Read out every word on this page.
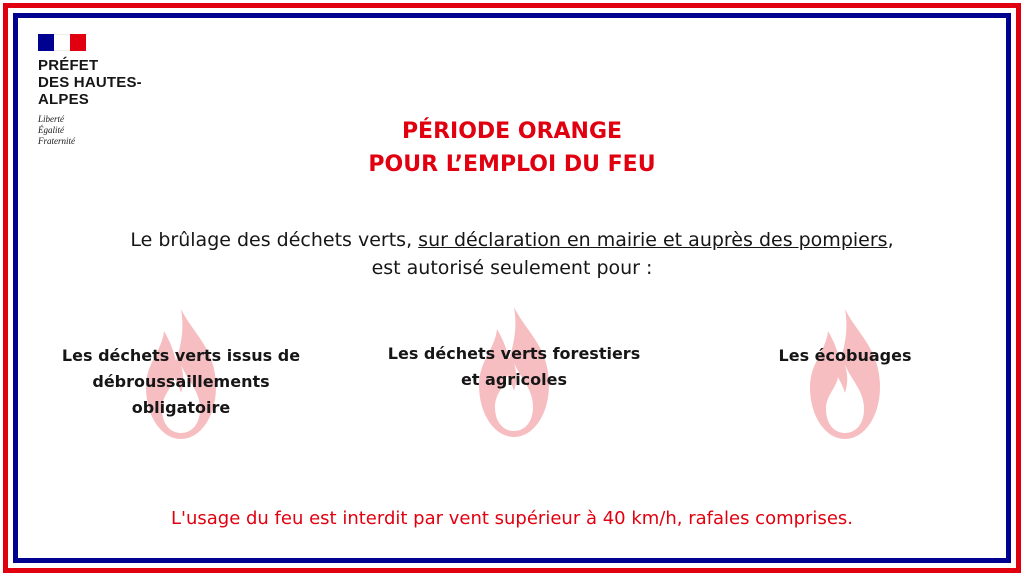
PRÉFET
DES HAUTES-
ALPES
Liberté
Égalité
Fraternité	PÉRIODE ORANGE
POUR L’EMPLOI DU FEU
Le brûlage des déchets verts, sur déclaration en mairie et auprès des pompiers,
est autorisé seulement pour :
Les déchets verts issus de
débroussaillements
obligatoire
Les déchets verts forestiers
et agricoles
Les écobuages
L'usage du feu est interdit par vent supérieur à 40 km/h, rafales comprises.
